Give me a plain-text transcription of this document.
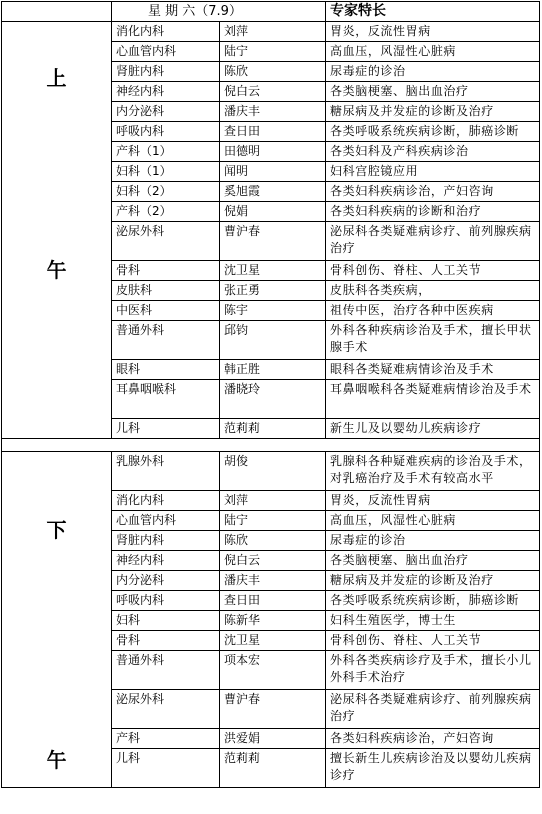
	星 期 六（7.9）		专家特长

上
午	消化内科	刘萍	胃炎，反流性胃病
	心血管内科	陆宁	高血压，风湿性心脏病
	肾脏内科	陈欣	尿毒症的诊治
	神经内科	倪白云	各类脑梗塞、脑出血治疗
	内分泌科	潘庆丰	糖尿病及并发症的诊断及治疗
	呼吸内科	查日田	各类呼吸系统疾病诊断，肺癌诊断
	产科（1）	田德明	各类妇科及产科疾病诊治
	妇科（1）	闻明	妇科宫腔镜应用
	妇科（2）	奚旭霞	各类妇科疾病诊治，产妇咨询
	产科（2）	倪娟	各类妇科疾病的诊断和治疗
	泌尿外科	曹沪春	泌尿科各类疑难病诊疗、前列腺疾病治疗
	骨科	沈卫星	骨科创伤、脊柱、人工关节
	皮肤科	张正勇	皮肤科各类疾病，
	中医科	陈宇	祖传中医，治疗各种中医疾病
	普通外科	邱钧	外科各种疾病诊治及手术，擅长甲状腺手术
	眼科	韩正胜	眼科各类疑难病情诊治及手术
	耳鼻咽喉科	潘晓玲	耳鼻咽喉科各类疑难病情诊治及手术
	儿科	范莉莉	新生儿及以婴幼儿疾病诊疗

下
午	乳腺外科	胡俊	乳腺科各种疑难疾病的诊治及手术，对乳癌治疗及手术有较高水平
	消化内科	刘萍	胃炎，反流性胃病
	心血管内科	陆宁	高血压，风湿性心脏病
	肾脏内科	陈欣	尿毒症的诊治
	神经内科	倪白云	各类脑梗塞、脑出血治疗
	内分泌科	潘庆丰	糖尿病及并发症的诊断及治疗
	呼吸内科	查日田	各类呼吸系统疾病诊断，肺癌诊断
	妇科	陈新华	妇科生殖医学，博士生
	骨科	沈卫星	骨科创伤、脊柱、人工关节
	普通外科	项本宏	外科各类疾病诊疗及手术，擅长小儿外科手术治疗
	泌尿外科	曹沪春	泌尿科各类疑难病诊疗、前列腺疾病治疗
	产科	洪爱娟	各类妇科疾病诊治，产妇咨询
	儿科	范莉莉	擅长新生儿疾病诊治及以婴幼儿疾病诊疗
